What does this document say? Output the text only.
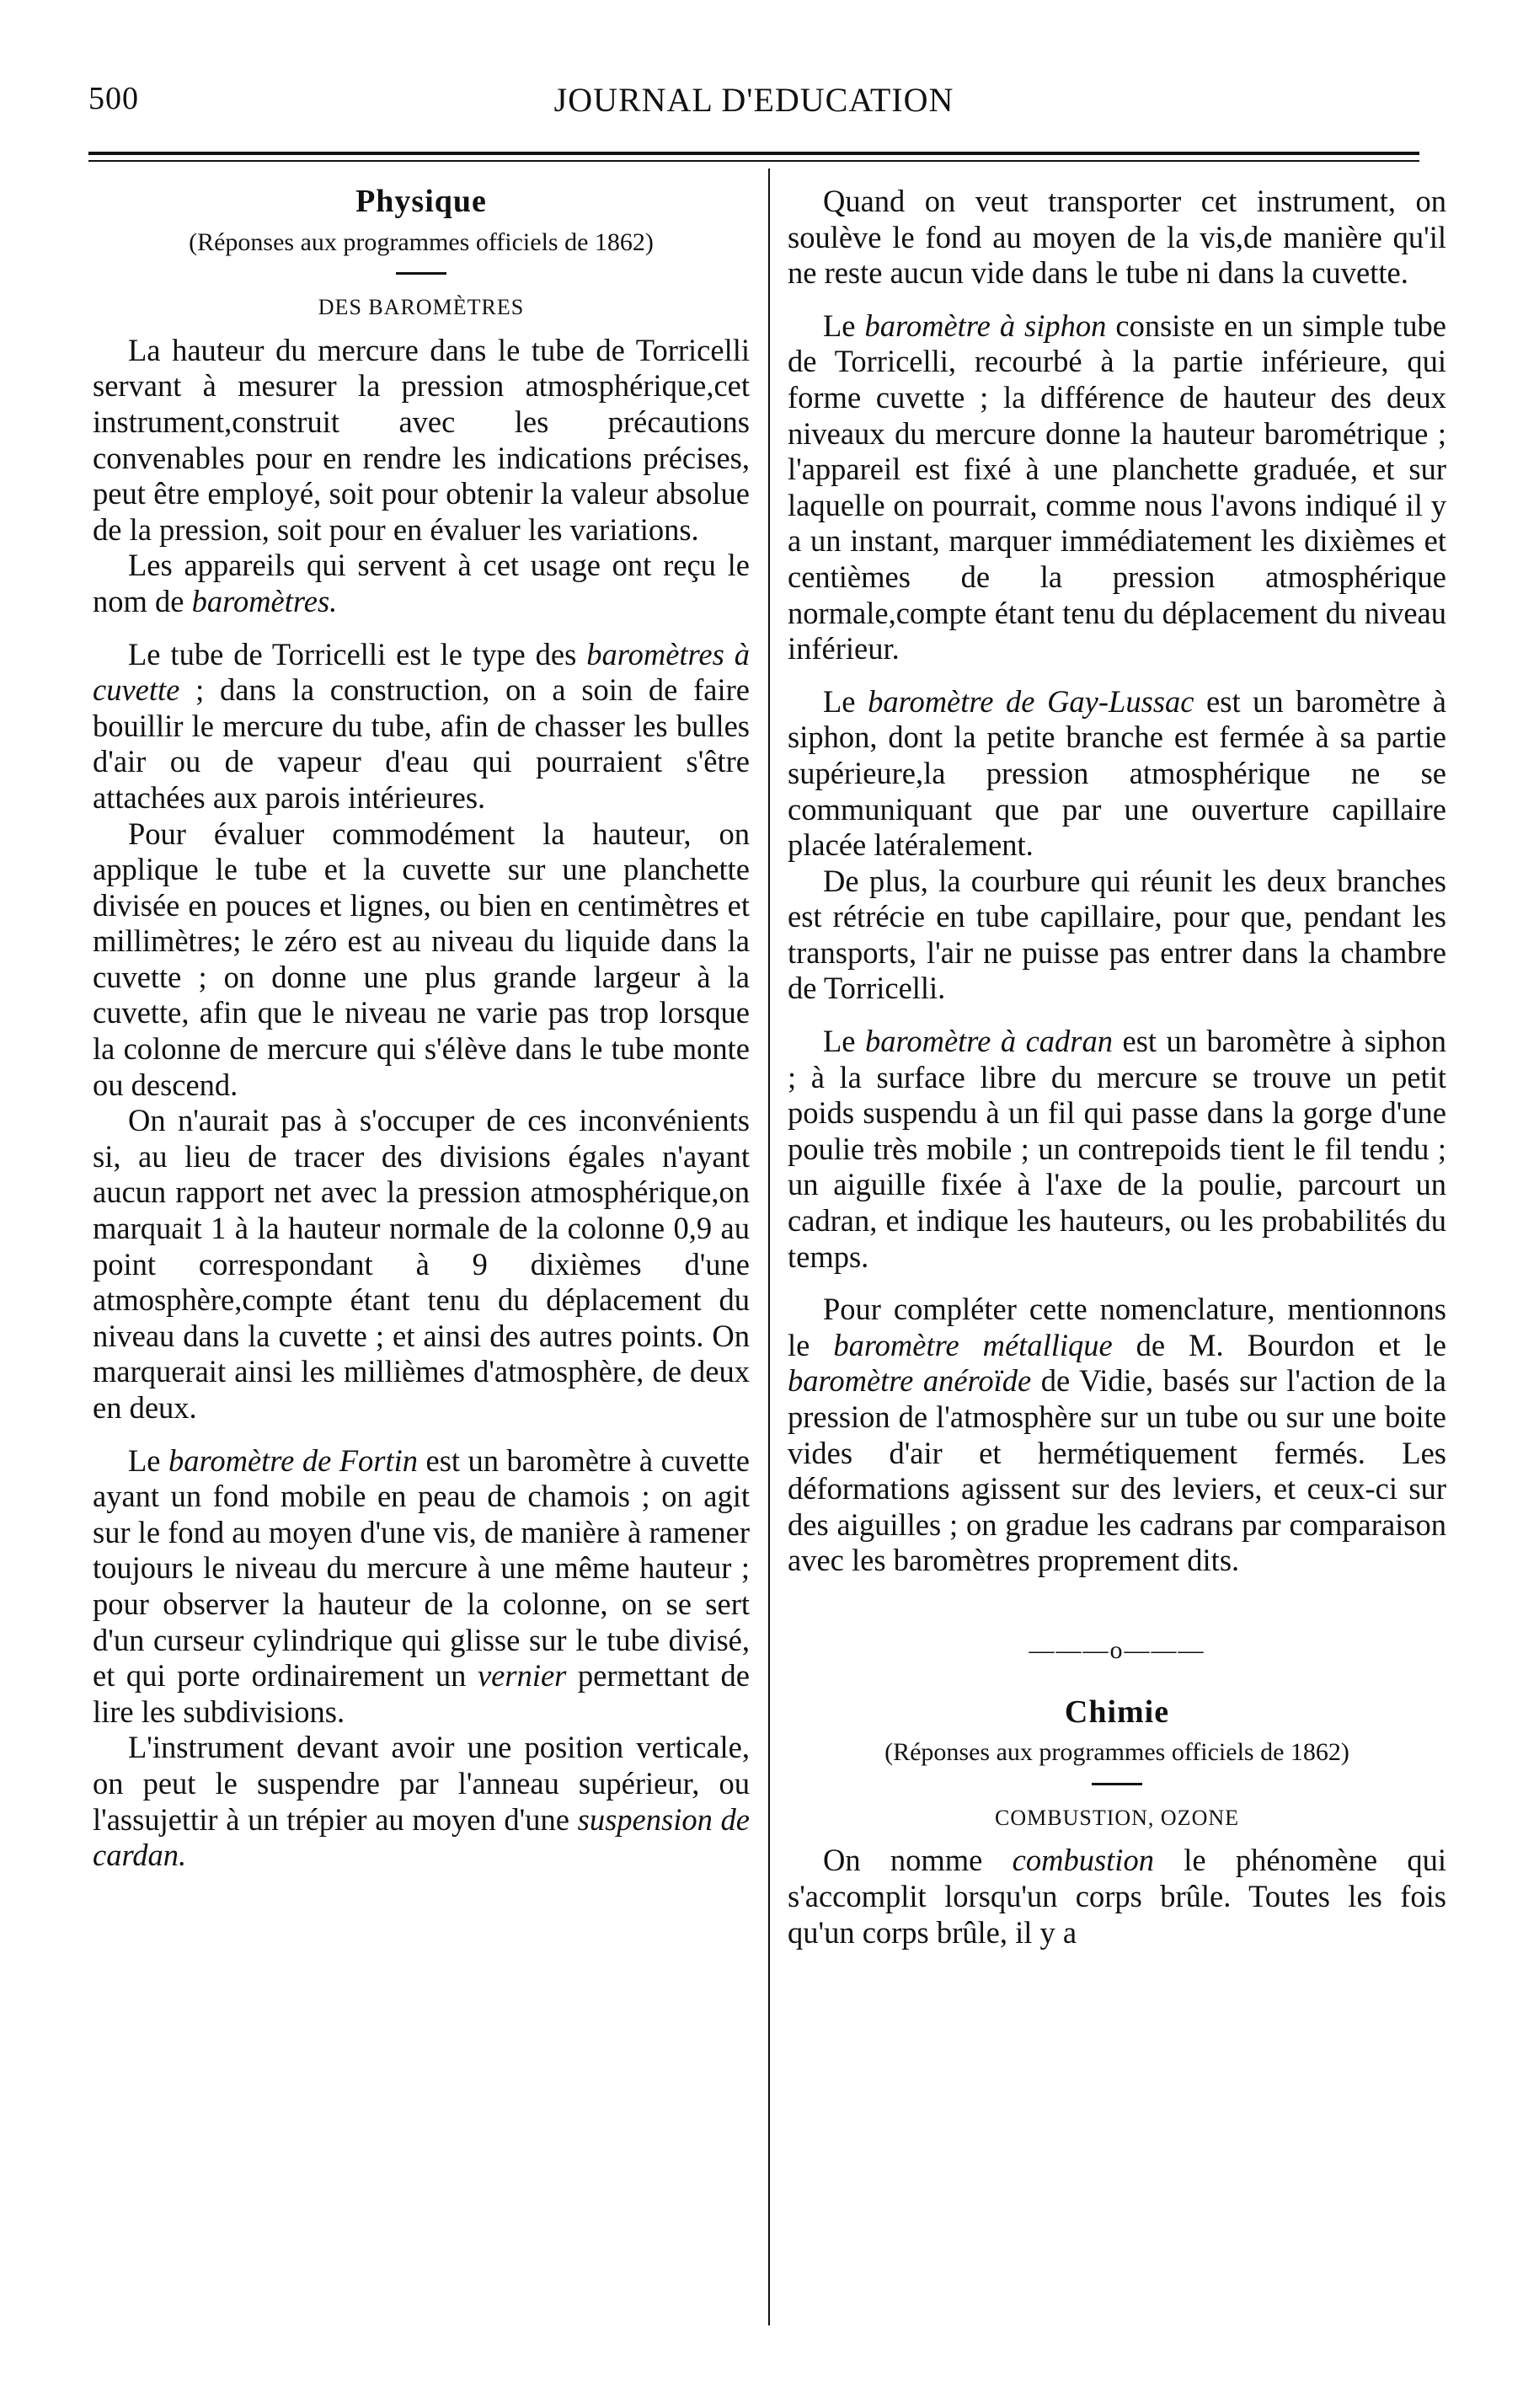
500	JOURNAL D'EDUCATION
Physique
(Réponses aux programmes officiels de 1862)
DES BAROMÈTRES

La hauteur du mercure dans le tube de Torricelli servant à mesurer la pression atmosphérique,cet instrument,construit avec les précautions convenables pour en rendre les indications précises, peut être employé, soit pour obtenir la valeur absolue de la pression, soit pour en évaluer les variations.

Les appareils qui servent à cet usage ont reçu le nom de baromètres.

Le tube de Torricelli est le type des baromètres à cuvette ; dans la construction, on a soin de faire bouillir le mercure du tube, afin de chasser les bulles d'air ou de vapeur d'eau qui pourraient s'être attachées aux parois intérieures.

Pour évaluer commodément la hauteur, on applique le tube et la cuvette sur une planchette divisée en pouces et lignes, ou bien en centimètres et millimètres; le zéro est au niveau du liquide dans la cuvette ; on donne une plus grande largeur à la cuvette, afin que le niveau ne varie pas trop lorsque la colonne de mercure qui s'élève dans le tube monte ou descend.

On n'aurait pas à s'occuper de ces inconvénients si, au lieu de tracer des divisions égales n'ayant aucun rapport net avec la pression atmosphérique,on marquait 1 à la hauteur normale de la colonne 0,9 au point correspondant à 9 dixièmes d'une atmosphère,compte étant tenu du déplacement du niveau dans la cuvette ; et ainsi des autres points. On marquerait ainsi les millièmes d'atmosphère, de deux en deux.

Le baromètre de Fortin est un baromètre à cuvette ayant un fond mobile en peau de chamois ; on agit sur le fond au moyen d'une vis, de manière à ramener toujours le niveau du mercure à une même hauteur ; pour observer la hauteur de la colonne, on se sert d'un curseur cylindrique qui glisse sur le tube divisé, et qui porte ordinairement un vernier permettant de lire les subdivisions.

L'instrument devant avoir une position verticale, on peut le suspendre par l'anneau supérieur, ou l'assujettir à un trépier au moyen d'une suspension de cardan.

Quand on veut transporter cet instrument, on soulève le fond au moyen de la vis,de manière qu'il ne reste aucun vide dans le tube ni dans la cuvette.

Le baromètre à siphon consiste en un simple tube de Torricelli, recourbé à la partie inférieure, qui forme cuvette ; la différence de hauteur des deux niveaux du mercure donne la hauteur barométrique ; l'appareil est fixé à une planchette graduée, et sur laquelle on pourrait, comme nous l'avons indiqué il y a un instant, marquer immédiatement les dixièmes et centièmes de la pression atmosphérique normale,compte étant tenu du déplacement du niveau inférieur.

Le baromètre de Gay-Lussac est un baromètre à siphon, dont la petite branche est fermée à sa partie supérieure,la pression atmosphérique ne se communiquant que par une ouverture capillaire placée latéralement.

De plus, la courbure qui réunit les deux branches est rétrécie en tube capillaire, pour que, pendant les transports, l'air ne puisse pas entrer dans la chambre de Torricelli.

Le baromètre à cadran est un baromètre à siphon ; à la surface libre du mercure se trouve un petit poids suspendu à un fil qui passe dans la gorge d'une poulie très mobile ; un contrepoids tient le fil tendu ; un aiguille fixée à l'axe de la poulie, parcourt un cadran, et indique les hauteurs, ou les probabilités du temps.

Pour compléter cette nomenclature, mentionnons le baromètre métallique de M. Bourdon et le baromètre anéroïde de Vidie, basés sur l'action de la pression de l'atmosphère sur un tube ou sur une boite vides d'air et hermétiquement fermés. Les déformations agissent sur des leviers, et ceux-ci sur des aiguilles ; on gradue les cadrans par comparaison avec les baromètres proprement dits.

———o———
Chimie
(Réponses aux programmes officiels de 1862)
COMBUSTION, OZONE

On nomme combustion le phénomène qui s'accomplit lorsqu'un corps brûle. Toutes les fois qu'un corps brûle, il y a
